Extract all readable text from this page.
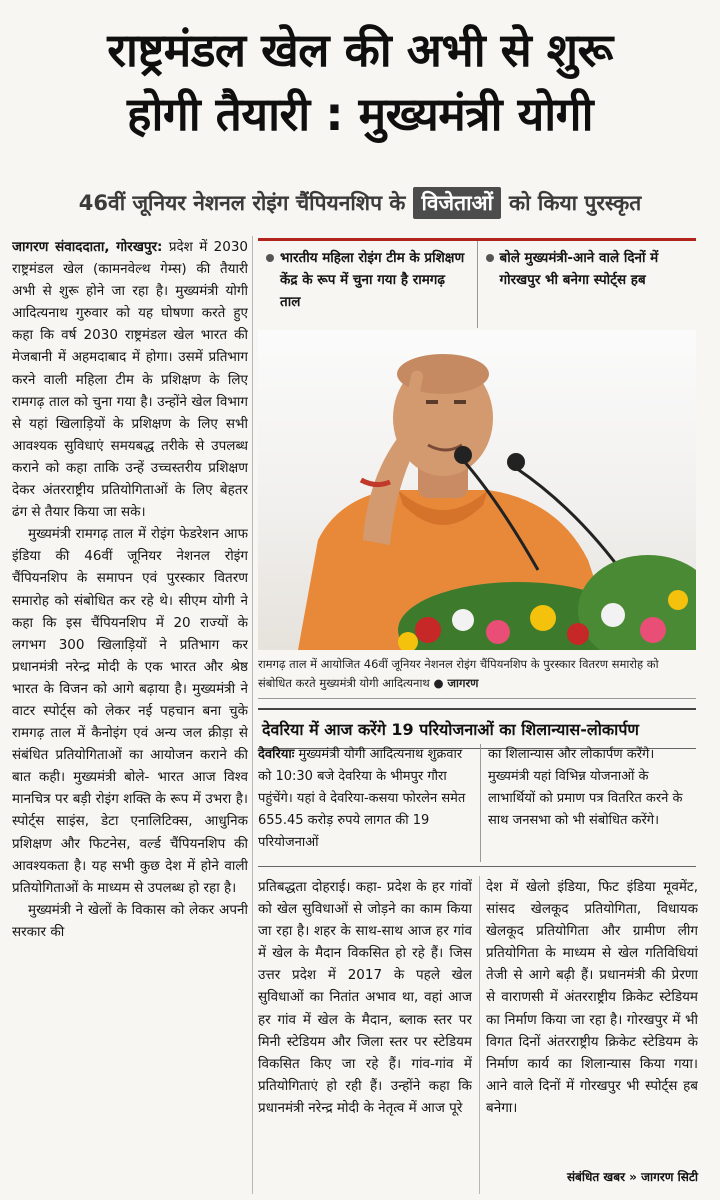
राष्ट्रमंडल खेल की अभी से शुरू
होगी तैयारी : मुख्यमंत्री योगी
46वीं जूनियर नेशनल रोइंग चैंपियनशिप के विजेताओं को किया पुरस्कृत

जागरण संवाददाता, गोरखपुर: प्रदेश में 2030 राष्ट्रमंडल खेल (कामनवेल्थ गेम्स) की तैयारी अभी से शुरू होने जा रहा है। मुख्यमंत्री योगी आदित्यनाथ गुरुवार को यह घोषणा करते हुए कहा कि वर्ष 2030 राष्ट्रमंडल खेल भारत की मेजबानी में अहमदाबाद में होगा। उसमें प्रतिभाग करने वाली महिला टीम के प्रशिक्षण के लिए रामगढ़ ताल को चुना गया है। उन्होंने खेल विभाग से यहां खिलाड़ियों के प्रशिक्षण के लिए सभी आवश्यक सुविधाएं समयबद्ध तरीके से उपलब्ध कराने को कहा ताकि उन्हें उच्चस्तरीय प्रशिक्षण देकर अंतरराष्ट्रीय प्रतियोगिताओं के लिए बेहतर ढंग से तैयार किया जा सके।

मुख्यमंत्री रामगढ़ ताल में रोइंग फेडरेशन आफ इंडिया की 46वीं जूनियर नेशनल रोइंग चैंपियनशिप के समापन एवं पुरस्कार वितरण समारोह को संबोधित कर रहे थे। सीएम योगी ने कहा कि इस चैंपियनशिप में 20 राज्यों के लगभग 300 खिलाड़ियों ने प्रतिभाग कर प्रधानमंत्री नरेन्द्र मोदी के एक भारत और श्रेष्ठ भारत के विजन को आगे बढ़ाया है। मुख्यमंत्री ने वाटर स्पोर्ट्स को लेकर नई पहचान बना चुके रामगढ़ ताल में कैनोइंग एवं अन्य जल क्रीड़ा से संबंधित प्रतियोगिताओं का आयोजन कराने की बात कही। मुख्यमंत्री बोले- भारत आज विश्व मानचित्र पर बड़ी रोइंग शक्ति के रूप में उभरा है। स्पोर्ट्स साइंस, डेटा एनालिटिक्स, आधुनिक प्रशिक्षण और फिटनेस, वर्ल्ड चैंपियनशिप की आवश्यकता है। यह सभी कुछ देश में होने वाली प्रतियोगिताओं के माध्यम से उपलब्ध हो रहा है।

मुख्यमंत्री ने खेलों के विकास को लेकर अपनी सरकार की

भारतीय महिला रोइंग टीम के प्रशिक्षण केंद्र के रूप में चुना गया है रामगढ़ ताल
बोले मुख्यमंत्री-आने वाले दिनों में गोरखपुर भी बनेगा स्पोर्ट्स हब
रामगढ़ ताल में आयोजित 46वीं जूनियर नेशनल रोइंग चैंपियनशिप के पुरस्कार वितरण समारोह को संबोधित करते मुख्यमंत्री योगी आदित्यनाथ ● जागरण
देवरिया में आज करेंगे 19 परियोजनाओं का शिलान्यास-लोकार्पण
देवरियाः मुख्यमंत्री योगी आदित्यनाथ शुक्रवार को 10:30 बजे देवरिया के भीमपुर गौरा पहुंचेंगे। यहां वे देवरिया-कसया फोरलेन समेत 655.45 करोड़ रुपये लागत की 19 परियोजनाओं
का शिलान्यास और लोकार्पण करेंगे। मुख्यमंत्री यहां विभिन्न योजनाओं के लाभार्थियों को प्रमाण पत्र वितरित करने के साथ जनसभा को भी संबोधित करेंगे।
प्रतिबद्धता दोहराई। कहा- प्रदेश के हर गांवों को खेल सुविधाओं से जोड़ने का काम किया जा रहा है। शहर के साथ-साथ आज हर गांव में खेल के मैदान विकसित हो रहे हैं। जिस उत्तर प्रदेश में 2017 के पहले खेल सुविधाओं का नितांत अभाव था, वहां आज हर गांव में खेल के मैदान, ब्लाक स्तर पर मिनी स्टेडियम और जिला स्तर पर स्टेडियम विकसित किए जा रहे हैं। गांव-गांव में प्रतियोगिताएं हो रही हैं। उन्होंने कहा कि प्रधानमंत्री नरेन्द्र मोदी के नेतृत्व में आज पूरे
देश में खेलो इंडिया, फिट इंडिया मूवमेंट, सांसद खेलकूद प्रतियोगिता, विधायक खेलकूद प्रतियोगिता और ग्रामीण लीग प्रतियोगिता के माध्यम से खेल गतिविधियां तेजी से आगे बढ़ी हैं। प्रधानमंत्री की प्रेरणा से वाराणसी में अंतरराष्ट्रीय क्रिकेट स्टेडियम का निर्माण किया जा रहा है। गोरखपुर में भी विगत दिनों अंतरराष्ट्रीय क्रिकेट स्टेडियम के निर्माण कार्य का शिलान्यास किया गया। आने वाले दिनों में गोरखपुर भी स्पोर्ट्स हब बनेगा।
संबंधित खबर » जागरण सिटी
